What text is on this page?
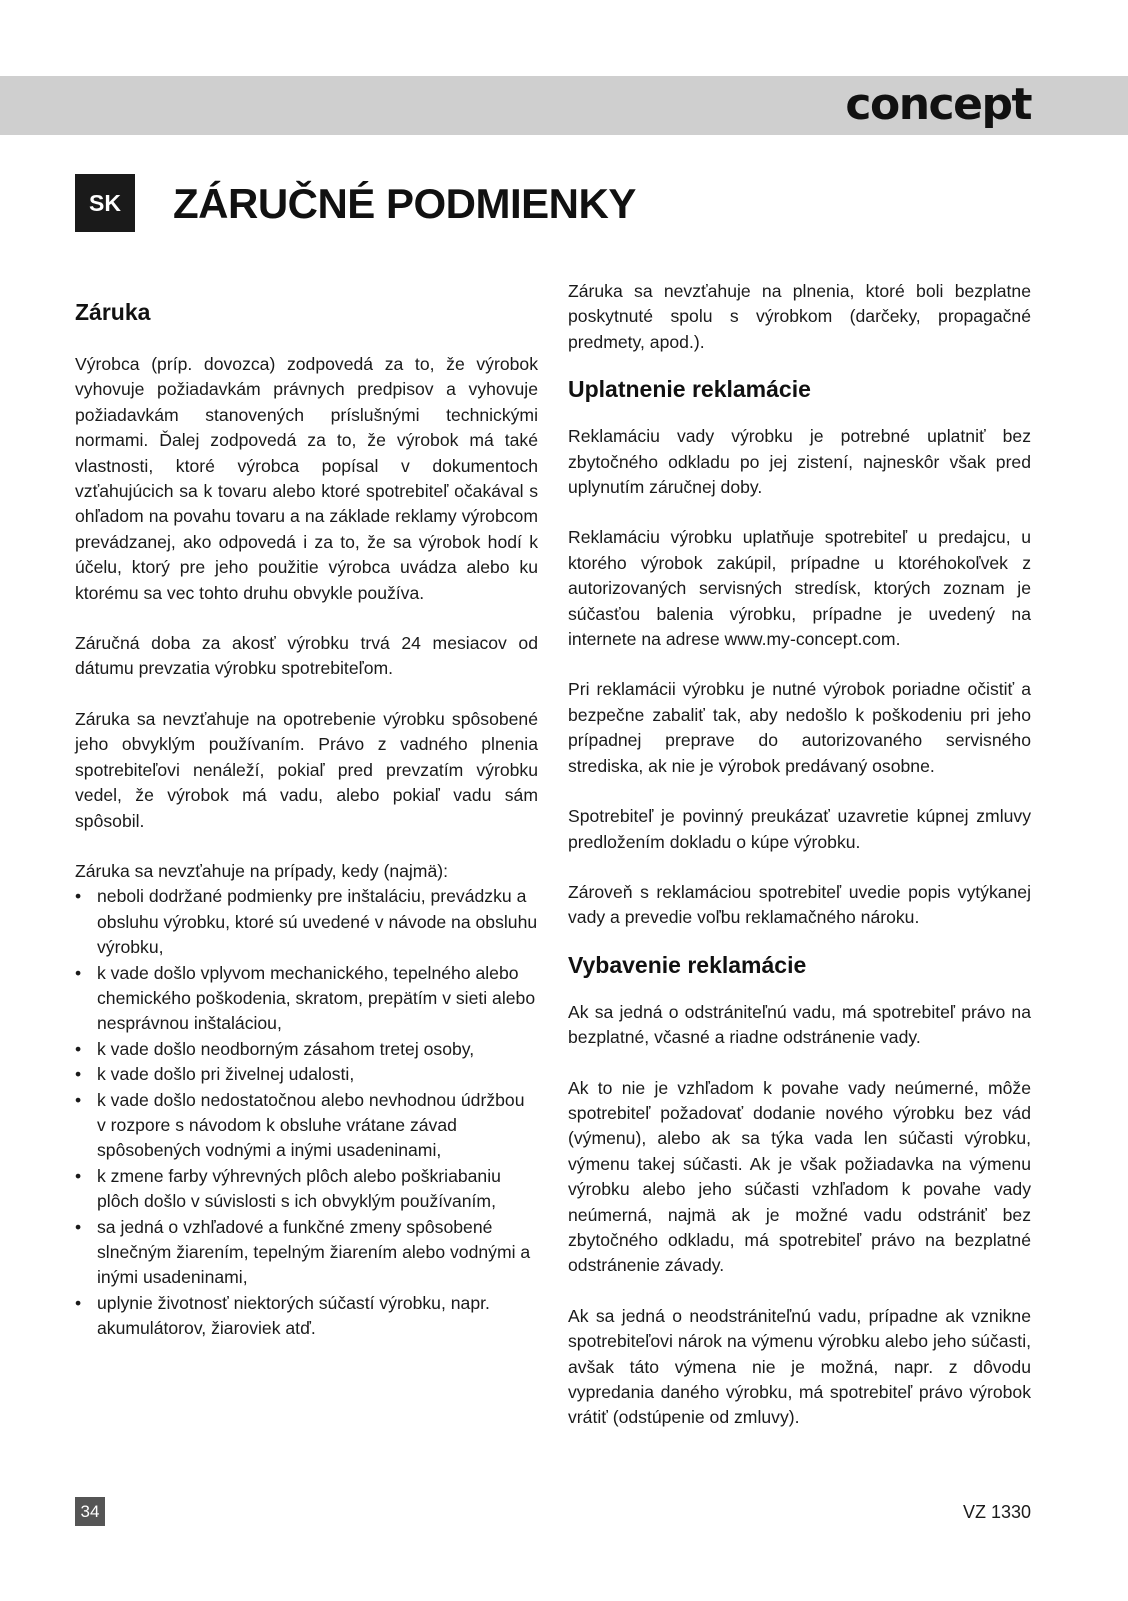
concept
SK	ZÁRUČNÉ PODMIENKY
Záruka

Výrobca (príp. dovozca) zodpovedá za to, že výrobok vyhovuje požiadavkám právnych predpisov a vyhovuje požiadavkám stanovených príslušnými technickými normami. Ďalej zodpovedá za to, že výrobok má také vlastnosti, ktoré výrobca popísal v dokumentoch vzťahujúcich sa k tovaru alebo ktoré spotrebiteľ očakával s ohľadom na povahu tovaru a na základe reklamy výrobcom prevádzanej, ako odpovedá i za to, že sa výrobok hodí k účelu, ktorý pre jeho použitie výrobca uvádza alebo ku ktorému sa vec tohto druhu obvykle používa.

Záručná doba za akosť výrobku trvá 24 mesiacov od dátumu prevzatia výrobku spotrebiteľom.

Záruka sa nevzťahuje na opotrebenie výrobku spôsobené jeho obvyklým používaním. Právo z vadného plnenia spotrebiteľovi nenáleží, pokiaľ pred prevzatím výrobku vedel, že výrobok má vadu, alebo pokiaľ vadu sám spôsobil.

Záruka sa nevzťahuje na prípady, kedy (najmä):
• neboli dodržané podmienky pre inštaláciu, prevádzku a obsluhu výrobku, ktoré sú uvedené v návode na obsluhu výrobku,
• k vade došlo vplyvom mechanického, tepelného alebo chemického poškodenia, skratom, prepätím v sieti alebo nesprávnou inštaláciou,
• k vade došlo neodborným zásahom tretej osoby,
• k vade došlo pri živelnej udalosti,
• k vade došlo nedostatočnou alebo nevhodnou údržbou v rozpore s návodom k obsluhe vrátane závad spôsobených vodnými a inými usadeninami,
• k zmene farby výhrevných plôch alebo poškriabaniu plôch došlo v súvislosti s ich obvyklým používaním,
• sa jedná o vzhľadové a funkčné zmeny spôsobené slnečným žiarením, tepelným žiarením alebo vodnými a inými usadeninami,
• uplynie životnosť niektorých súčastí výrobku, napr. akumulátorov, žiaroviek atď.

Záruka sa nevzťahuje na plnenia, ktoré boli bezplatne poskytnuté spolu s výrobkom (darčeky, propagačné predmety, apod.).

Uplatnenie reklamácie

Reklamáciu vady výrobku je potrebné uplatniť bez zbytočného odkladu po jej zistení, najneskôr však pred uplynutím záručnej doby.

Reklamáciu výrobku uplatňuje spotrebiteľ u predajcu, u ktorého výrobok zakúpil, prípadne u ktoréhokoľvek z autorizovaných servisných stredísk, ktorých zoznam je súčasťou balenia výrobku, prípadne je uvedený na internete na adrese www.my-concept.com.

Pri reklamácii výrobku je nutné výrobok poriadne očistiť a bezpečne zabaliť tak, aby nedošlo k poškodeniu pri jeho prípadnej preprave do autorizovaného servisného strediska, ak nie je výrobok predávaný osobne.

Spotrebiteľ je povinný preukázať uzavretie kúpnej zmluvy predložením dokladu o kúpe výrobku.

Zároveň s reklamáciou spotrebiteľ uvedie popis vytýkanej vady a prevedie voľbu reklamačného nároku.

Vybavenie reklamácie

Ak sa jedná o odstrániteľnú vadu, má spotrebiteľ právo na bezplatné, včasné a riadne odstránenie vady.

Ak to nie je vzhľadom k povahe vady neúmerné, môže spotrebiteľ požadovať dodanie nového výrobku bez vád (výmenu), alebo ak sa týka vada len súčasti výrobku, výmenu takej súčasti. Ak je však požiadavka na výmenu výrobku alebo jeho súčasti vzhľadom k povahe vady neúmerná, najmä ak je možné vadu odstrániť bez zbytočného odkladu, má spotrebiteľ právo na bezplatné odstránenie závady.

Ak sa jedná o neodstrániteľnú vadu, prípadne ak vznikne spotrebiteľovi nárok na výmenu výrobku alebo jeho súčasti, avšak táto výmena nie je možná, napr. z dôvodu vypredania daného výrobku, má spotrebiteľ právo výrobok vrátiť (odstúpenie od zmluvy).

34	VZ 1330
